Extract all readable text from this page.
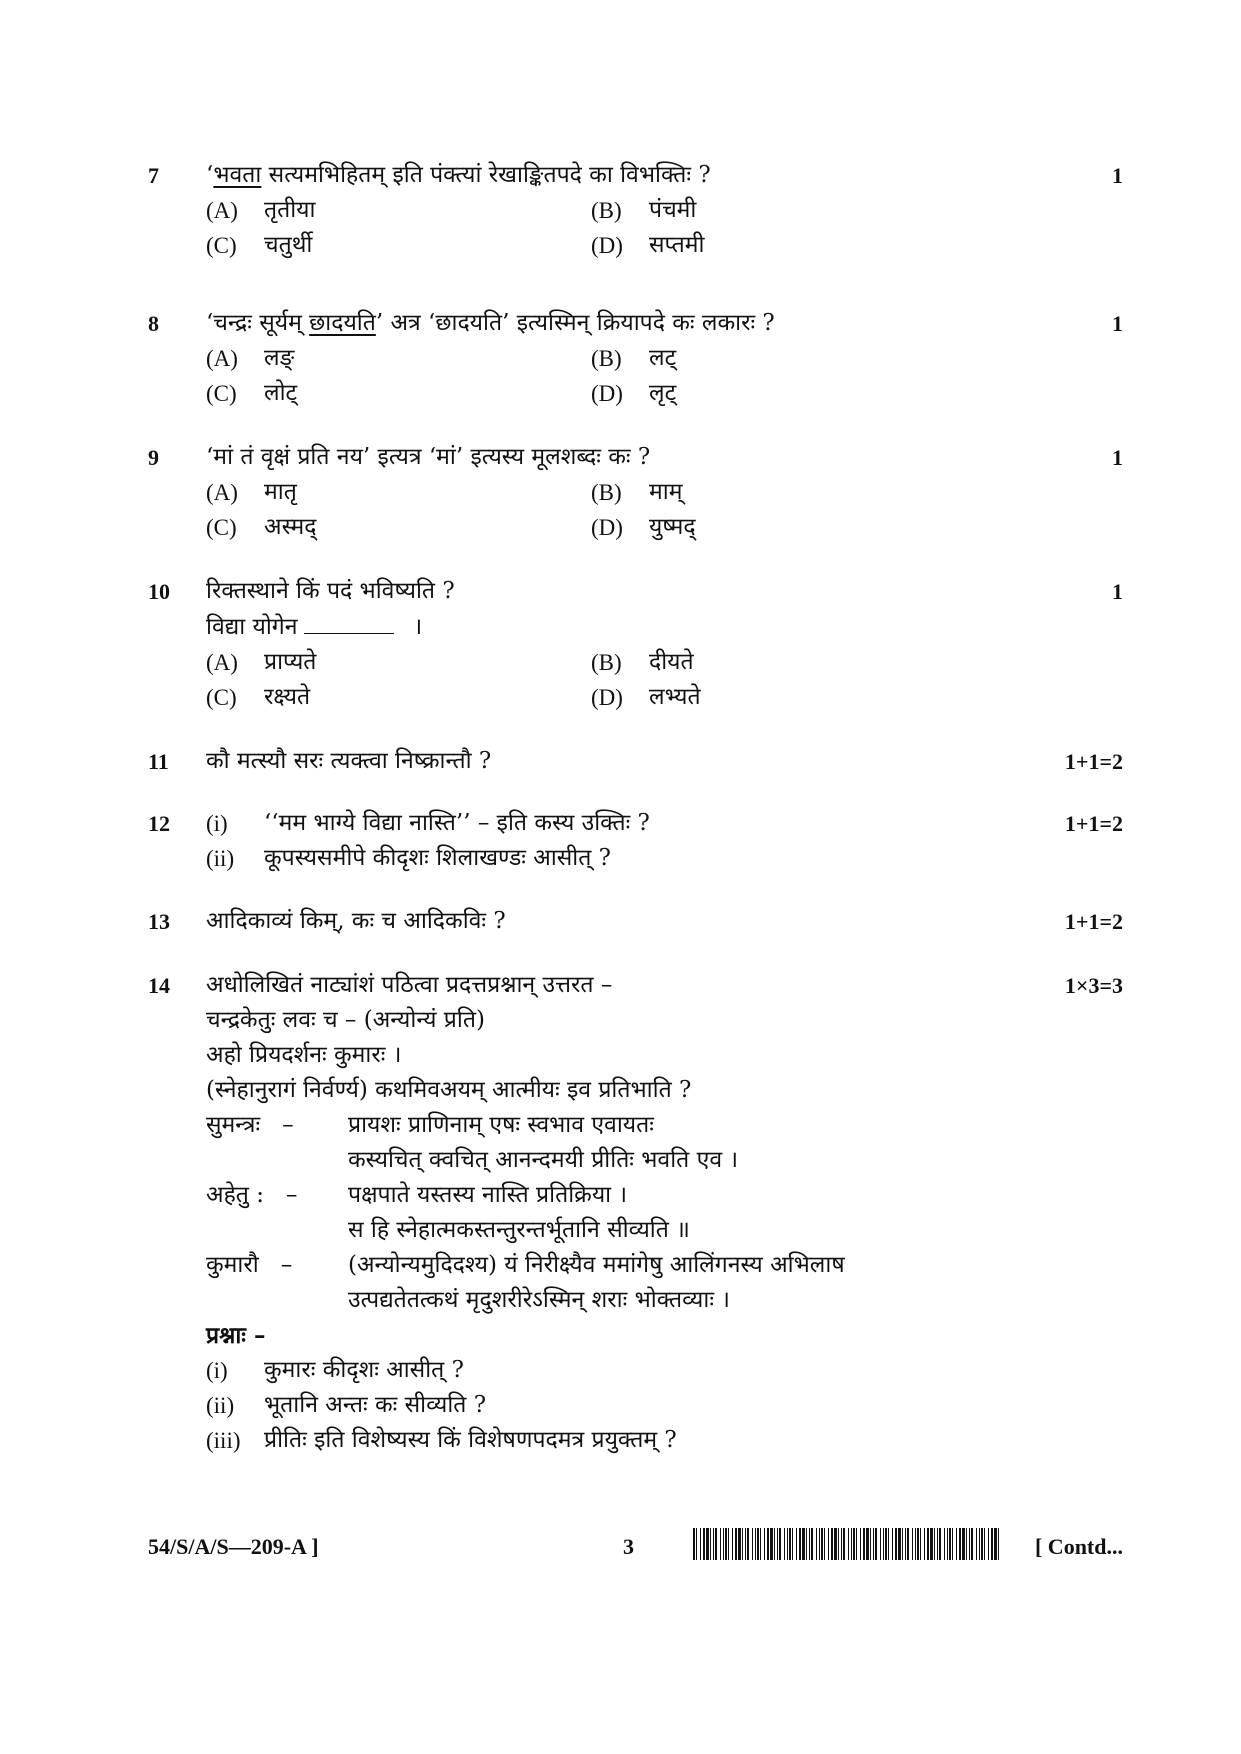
7	1
‘भवता सत्यमभिहितम् इति पंक्त्यां रेखाङ्कितपदे का विभक्तिः ?
(A)	तृतीया	(B)	पंचमी
(C)	चतुर्थी	(D)	सप्तमी
8	1
‘चन्द्रः सूर्यम् छादयति’ अत्र ‘छादयति’ इत्यस्मिन् क्रियापदे कः लकारः ?
(A)	लङ्	(B)	लट्
(C)	लोट्	(D)	लृट्
9	1
‘मां तं वृक्षं प्रति नय’ इत्यत्र ‘मां’ इत्यस्य मूलशब्दः कः ?
(A)	मातृ	(B)	माम्
(C)	अस्मद्	(D)	युष्मद्
10	1
रिक्तस्थाने किं पदं भविष्यति ?
विद्या योगेन	।
(A)	प्राप्यते	(B)	दीयते
(C)	रक्ष्यते	(D)	लभ्यते
11	1+1=2
कौ मत्स्यौ सरः त्यक्त्वा निष्क्रान्तौ ?
12	1+1=2
(i)	‘‘मम भाग्ये विद्या नास्ति’’ – इति कस्य उक्तिः ?
(ii)	कूपस्यसमीपे कीदृशः शिलाखण्डः आसीत् ?
13	1+1=2
आदिकाव्यं किम्, कः च आदिकविः ?
14	1×3=3
अधोलिखितं नाट्यांशं पठित्वा प्रदत्तप्रश्नान् उत्तरत –
चन्द्रकेतुः लवः च – (अन्योन्यं प्रति)
अहो प्रियदर्शनः कुमारः ।
(स्नेहानुरागं निर्वर्ण्य) कथमिवअयम् आत्मीयः इव प्रतिभाति ?
सुमन्त्रः –	प्रायशः प्राणिनाम् एषः स्वभाव एवायतः
कस्यचित् क्वचित् आनन्दमयी प्रीतिः भवति एव ।
अहेतु : –	पक्षपाते यस्तस्य नास्ति प्रतिक्रिया ।
स हि स्नेहात्मकस्तन्तुरन्तर्भूतानि सीव्यति ॥
कुमारौ –	(अन्योन्यमुदिदश्य) यं निरीक्ष्यैव ममांगेषु आलिंगनस्य अभिलाष
उत्पद्यतेतत्कथं मृदुशरीरेऽस्मिन् शराः भोक्तव्याः ।
प्रश्नाः –
(i)	कुमारः कीदृशः आसीत् ?
(ii)	भूतानि अन्तः कः सीव्यति ?
(iii)	प्रीतिः इति विशेष्यस्य किं विशेषणपदमत्र प्रयुक्तम् ?
54/S/A/S—209-A ]	3	[ Contd...
